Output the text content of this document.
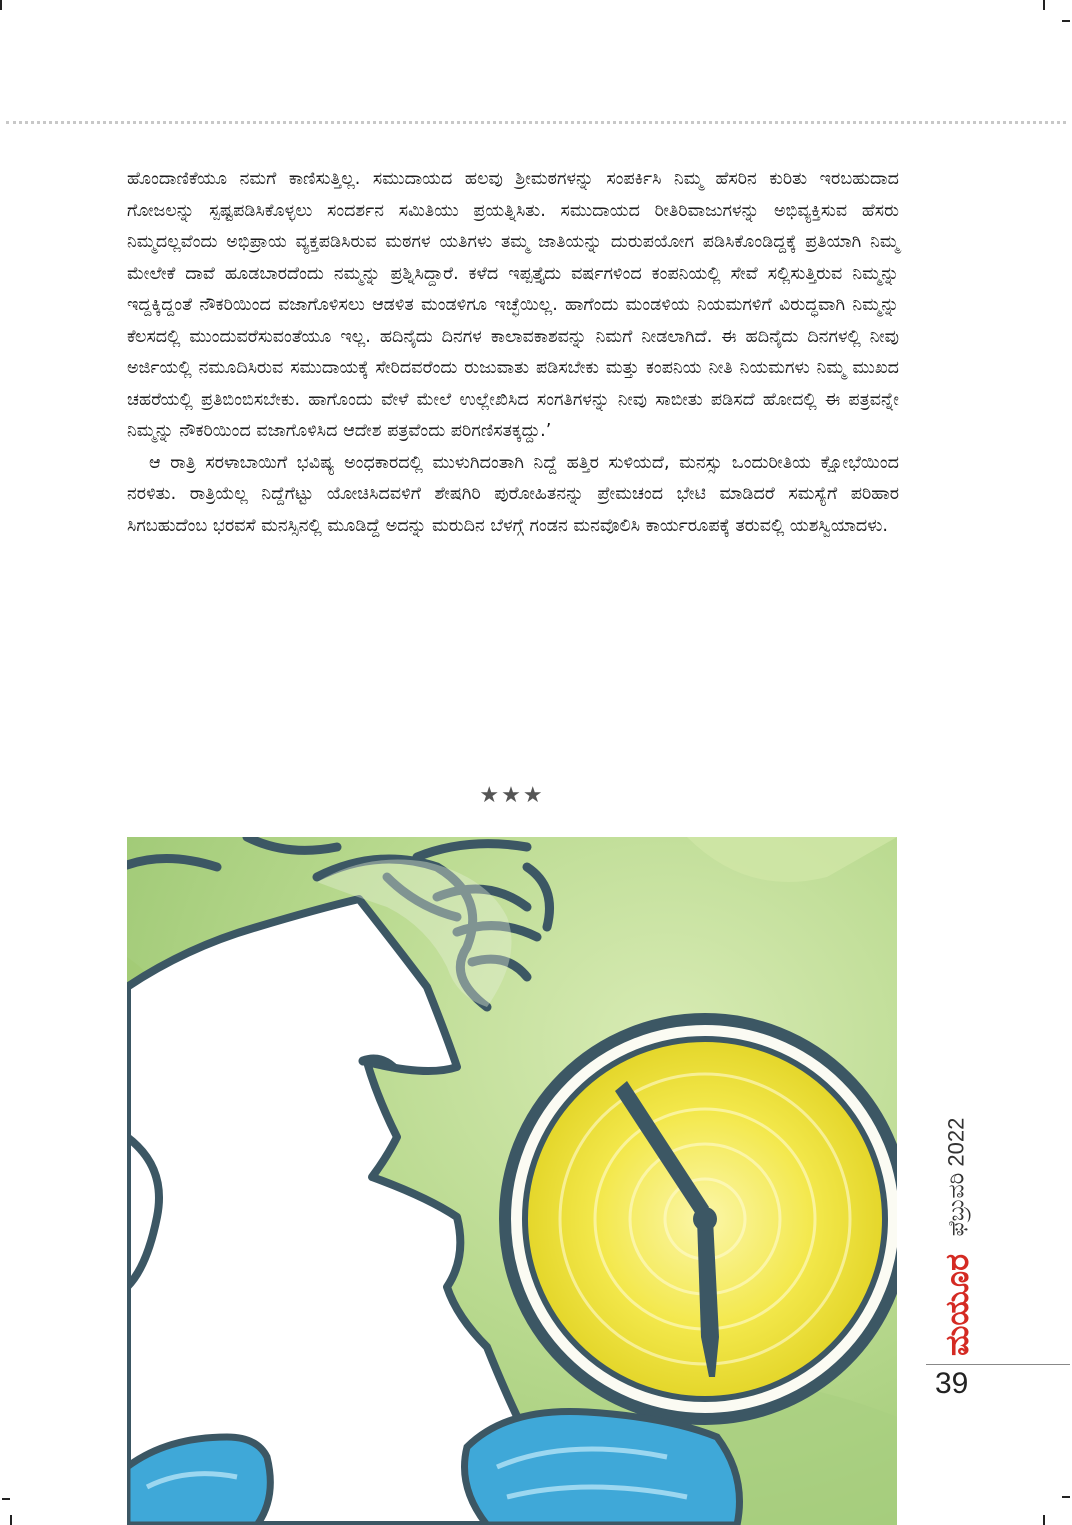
ಹೊಂದಾಣಿಕೆಯೂ ನಮಗೆ ಕಾಣಿಸುತ್ತಿಲ್ಲ. ಸಮುದಾಯದ ಹಲವು ಶ್ರೀಮಠಗಳನ್ನು ಸಂಪರ್ಕಿಸಿ ನಿಮ್ಮ ಹೆಸರಿನ ಕುರಿತು ಇರಬಹುದಾದ ಗೋಜಲನ್ನು ಸ್ಪಷ್ಟಪಡಿಸಿಕೊಳ್ಳಲು ಸಂದರ್ಶನ ಸಮಿತಿಯು ಪ್ರಯತ್ನಿಸಿತು. ಸಮುದಾಯದ ರೀತಿರಿವಾಜುಗಳನ್ನು ಅಭಿವ್ಯಕ್ತಿಸುವ ಹೆಸರು ನಿಮ್ಮದಲ್ಲವೆಂದು ಅಭಿಪ್ರಾಯ ವ್ಯಕ್ತಪಡಿಸಿರುವ ಮಠಗಳ ಯತಿಗಳು ತಮ್ಮ ಜಾತಿಯನ್ನು ದುರುಪಯೋಗ ಪಡಿಸಿಕೊಂಡಿದ್ದಕ್ಕೆ ಪ್ರತಿಯಾಗಿ ನಿಮ್ಮ ಮೇಲೇಕೆ ದಾವೆ ಹೂಡಬಾರದೆಂದು ನಮ್ಮನ್ನು ಪ್ರಶ್ನಿಸಿದ್ದಾರೆ. ಕಳೆದ ಇಪ್ಪತ್ತೈದು ವರ್ಷಗಳಿಂದ ಕಂಪನಿಯಲ್ಲಿ ಸೇವೆ ಸಲ್ಲಿಸುತ್ತಿರುವ ನಿಮ್ಮನ್ನು ಇದ್ದಕ್ಕಿದ್ದಂತೆ ನೌಕರಿಯಿಂದ ವಜಾಗೊಳಿಸಲು ಆಡಳಿತ ಮಂಡಳಿಗೂ ಇಚ್ಛೆಯಿಲ್ಲ. ಹಾಗೆಂದು ಮಂಡಳಿಯ ನಿಯಮಗಳಿಗೆ ವಿರುದ್ಧವಾಗಿ ನಿಮ್ಮನ್ನು ಕೆಲಸದಲ್ಲಿ ಮುಂದುವರೆಸುವಂತೆಯೂ ಇಲ್ಲ. ಹದಿನೈದು ದಿನಗಳ ಕಾಲಾವಕಾಶವನ್ನು ನಿಮಗೆ ನೀಡಲಾಗಿದೆ. ಈ ಹದಿನೈದು ದಿನಗಳಲ್ಲಿ ನೀವು ಅರ್ಜಿಯಲ್ಲಿ ನಮೂದಿಸಿರುವ ಸಮುದಾಯಕ್ಕೆ ಸೇರಿದವರೆಂದು ರುಜುವಾತು ಪಡಿಸಬೇಕು ಮತ್ತು ಕಂಪನಿಯ ನೀತಿ ನಿಯಮಗಳು ನಿಮ್ಮ ಮುಖದ ಚಹರೆಯಲ್ಲಿ ಪ್ರತಿಬಿಂಬಿಸಬೇಕು. ಹಾಗೊಂದು ವೇಳೆ ಮೇಲೆ ಉಲ್ಲೇಖಿಸಿದ ಸಂಗತಿಗಳನ್ನು ನೀವು ಸಾಬೀತು ಪಡಿಸದೆ ಹೋದಲ್ಲಿ ಈ ಪತ್ರವನ್ನೇ ನಿಮ್ಮನ್ನು ನೌಕರಿಯಿಂದ ವಜಾಗೊಳಿಸಿದ ಆದೇಶ ಪತ್ರವೆಂದು ಪರಿಗಣಿಸತಕ್ಕದ್ದು.’

ಆ ರಾತ್ರಿ ಸರಳಾಬಾಯಿಗೆ ಭವಿಷ್ಯ ಅಂಧಕಾರದಲ್ಲಿ ಮುಳುಗಿದಂತಾಗಿ ನಿದ್ದೆ ಹತ್ತಿರ ಸುಳಿಯದೆ, ಮನಸ್ಸು ಒಂದುರೀತಿಯ ಕ್ಷೋಭೆಯಿಂದ ನರಳಿತು. ರಾತ್ರಿಯೆಲ್ಲ ನಿದ್ದೆಗೆಟ್ಟು ಯೋಚಿಸಿದವಳಿಗೆ ಶೇಷಗಿರಿ ಪುರೋಹಿತನನ್ನು ಪ್ರೇಮಚಂದ ಭೇಟಿ ಮಾಡಿದರೆ ಸಮಸ್ಯೆಗೆ ಪರಿಹಾರ ಸಿಗಬಹುದೆಂಬ ಭರವಸೆ ಮನಸ್ಸಿನಲ್ಲಿ ಮೂಡಿದ್ದೆ ಅದನ್ನು ಮರುದಿನ ಬೆಳಗ್ಗೆ ಗಂಡನ ಮನವೊಲಿಸಿ ಕಾರ್ಯರೂಪಕ್ಕೆ ತರುವಲ್ಲಿ ಯಶಸ್ವಿಯಾದಳು.

★★★
ಫೆಬ್ರುವರಿ 2022
ಮಯೂರ
39
